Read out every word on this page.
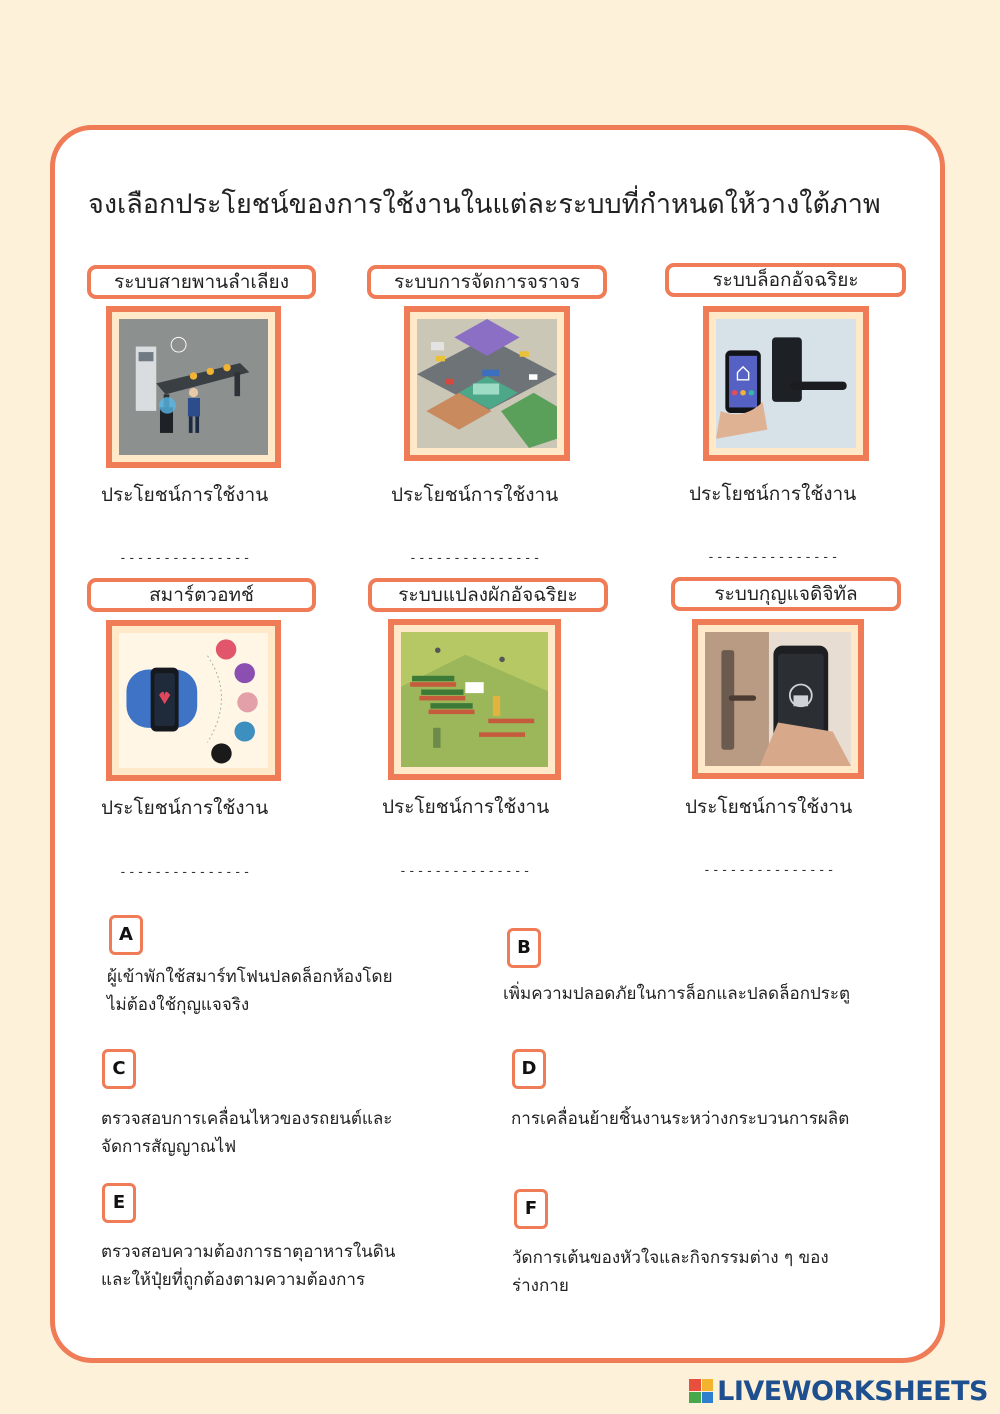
จงเลือกประโยชน์ของการใช้งานในแต่ละระบบที่กำหนดให้วางใต้ภาพ
ระบบสายพานลำเลียง	ระบบการจัดการจราจร	ระบบล็อกอัจฉริยะ
ประโยชน์การใช้งาน	ประโยชน์การใช้งาน	ประโยชน์การใช้งาน
---------------	---------------	---------------
สมาร์ตวอทช์	ระบบแปลงผักอัจฉริยะ	ระบบกุญแจดิจิทัล
ประโยชน์การใช้งาน	ประโยชน์การใช้งาน	ประโยชน์การใช้งาน
---------------	---------------	---------------
A
ผู้เข้าพักใช้สมาร์ทโฟนปลดล็อกห้องโดย
ไม่ต้องใช้กุญแจจริง
B
เพิ่มความปลอดภัยในการล็อกและปลดล็อกประตู
C
ตรวจสอบการเคลื่อนไหวของรถยนต์และ
จัดการสัญญาณไฟ
D
การเคลื่อนย้ายชิ้นงานระหว่างกระบวนการผลิต
E
ตรวจสอบความต้องการธาตุอาหารในดิน
และให้ปุ๋ยที่ถูกต้องตามความต้องการ
F
วัดการเต้นของหัวใจและกิจกรรมต่าง ๆ ของ
ร่างกาย
LIVEWORKSHEETS
